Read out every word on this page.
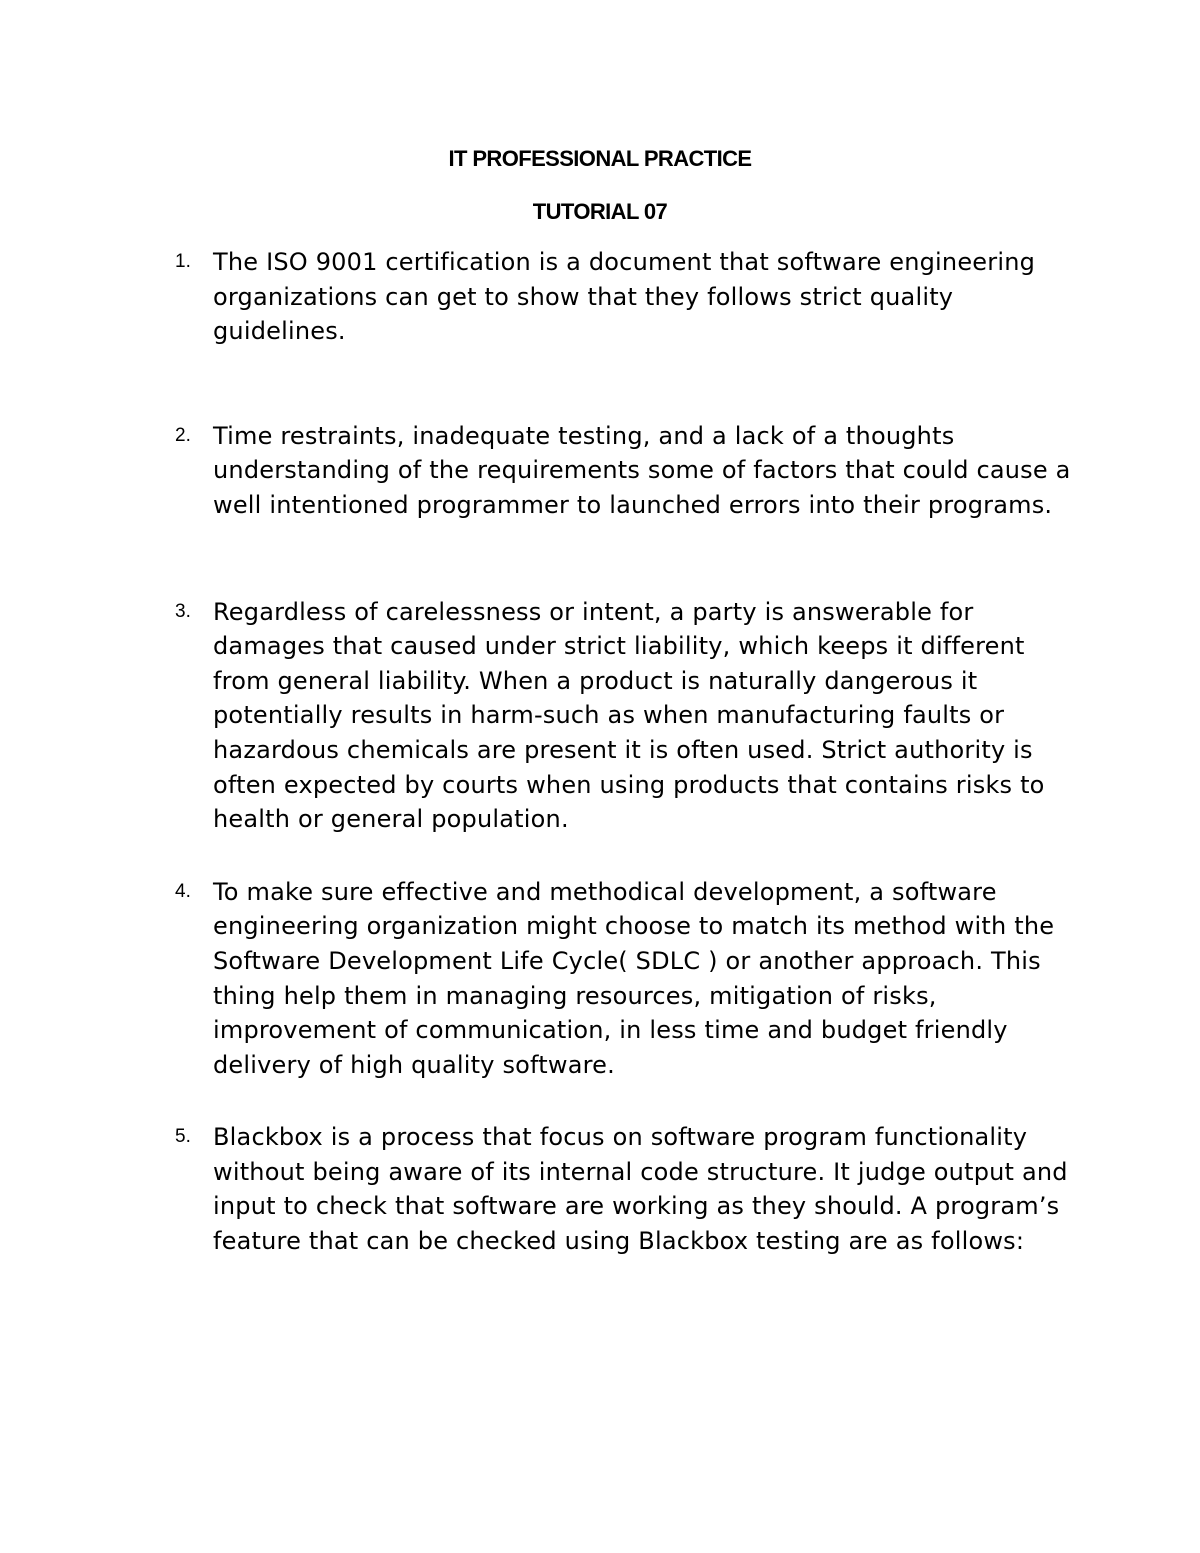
IT PROFESSIONAL PRACTICE
TUTORIAL 07
1. The ISO 9001 certification is a document that software engineering organizations can get to show that they follows strict quality guidelines.
2. Time restraints, inadequate testing, and a lack of a thoughts understanding of the requirements some of factors that could cause a well intentioned programmer to launched errors into their programs.
3. Regardless of carelessness or intent, a party is answerable for damages that caused under strict liability, which keeps it different from general liability. When a product is naturally dangerous it potentially results in harm-such as when manufacturing faults or hazardous chemicals are present it is often used. Strict authority is often expected by courts when using products that contains risks to health or general population.
4. To make sure effective and methodical development, a software engineering organization might choose to match its method with the Software Development Life Cycle( SDLC ) or another approach. This thing help them in managing resources, mitigation of risks, improvement of communication, in less time and budget friendly delivery of high quality software.
5. Blackbox is a process that focus on software program functionality without being aware of its internal code structure. It judge output and input to check that software are working as they should. A program’s feature that can be checked using Blackbox testing are as follows:
